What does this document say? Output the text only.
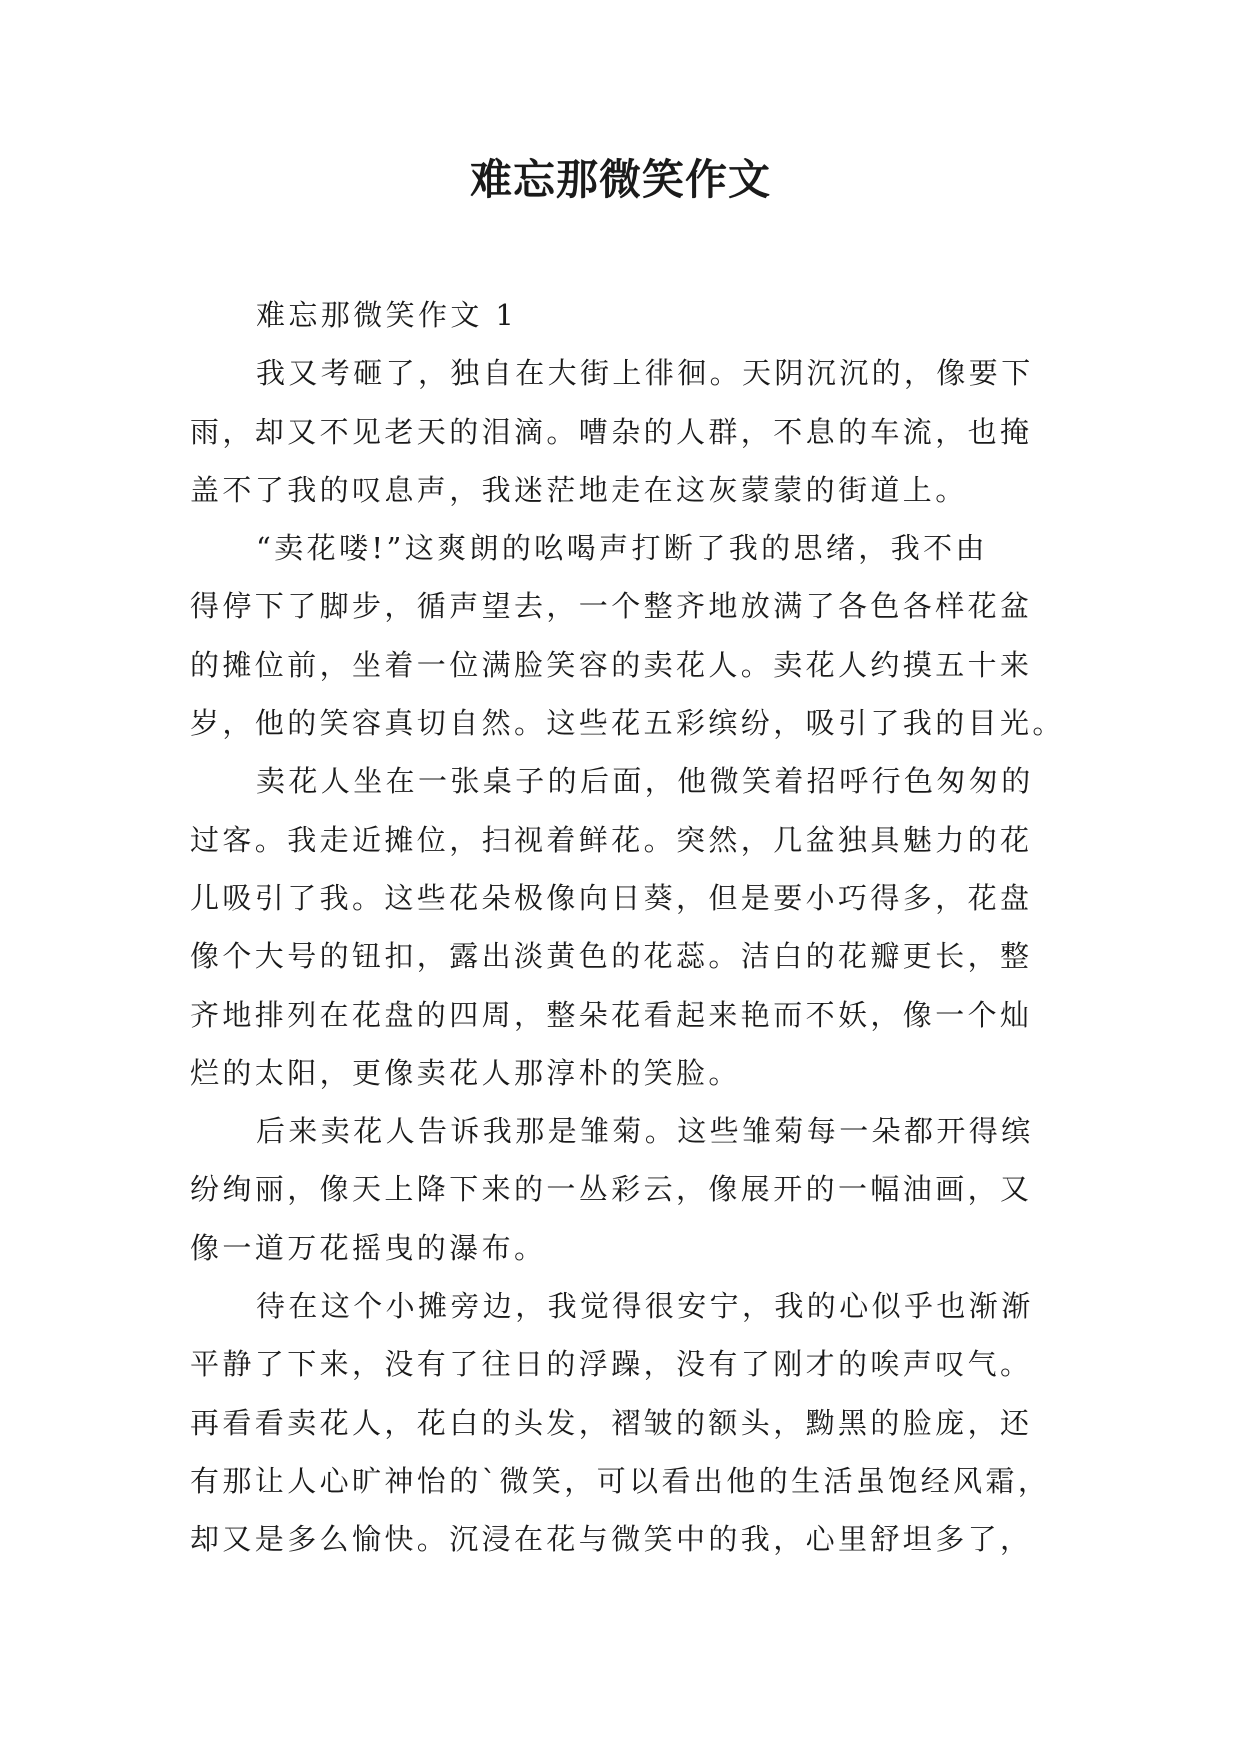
难忘那微笑作文
难忘那微笑作文 1
我又考砸了，独自在大街上徘徊。天阴沉沉的，像要下
雨，却又不见老天的泪滴。嘈杂的人群，不息的车流，也掩
盖不了我的叹息声，我迷茫地走在这灰蒙蒙的街道上。
“卖花喽!”这爽朗的吆喝声打断了我的思绪，我不由
得停下了脚步，循声望去，一个整齐地放满了各色各样花盆
的摊位前，坐着一位满脸笑容的卖花人。卖花人约摸五十来
岁，他的笑容真切自然。这些花五彩缤纷，吸引了我的目光。
卖花人坐在一张桌子的后面，他微笑着招呼行色匆匆的
过客。我走近摊位，扫视着鲜花。突然，几盆独具魅力的花
儿吸引了我。这些花朵极像向日葵，但是要小巧得多，花盘
像个大号的钮扣，露出淡黄色的花蕊。洁白的花瓣更长，整
齐地排列在花盘的四周，整朵花看起来艳而不妖，像一个灿
烂的太阳，更像卖花人那淳朴的笑脸。
后来卖花人告诉我那是雏菊。这些雏菊每一朵都开得缤
纷绚丽，像天上降下来的一丛彩云，像展开的一幅油画，又
像一道万花摇曳的瀑布。
待在这个小摊旁边，我觉得很安宁，我的心似乎也渐渐
平静了下来，没有了往日的浮躁，没有了刚才的唉声叹气。
再看看卖花人，花白的头发，褶皱的额头，黝黑的脸庞，还
有那让人心旷神怡的`微笑，可以看出他的生活虽饱经风霜，
却又是多么愉快。沉浸在花与微笑中的我，心里舒坦多了，
